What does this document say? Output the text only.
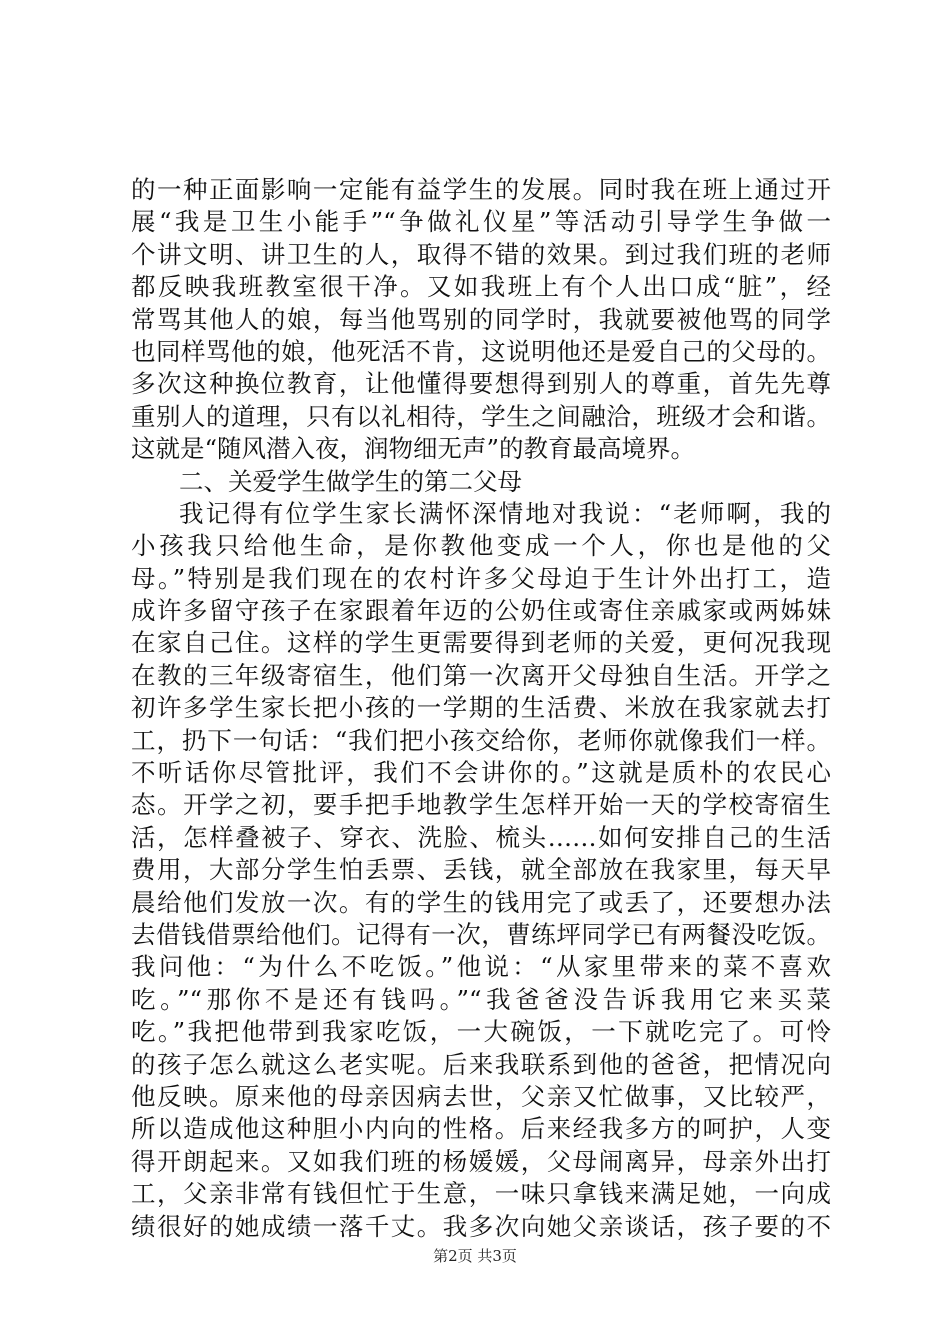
的一种正面影响一定能有益学生的发展。同时我在班上通过开
展“我是卫生小能手”“争做礼仪星”等活动引导学生争做一
个讲文明、讲卫生的人，取得不错的效果。到过我们班的老师
都反映我班教室很干净。又如我班上有个人出口成“脏”，经
常骂其他人的娘，每当他骂别的同学时，我就要被他骂的同学
也同样骂他的娘，他死活不肯，这说明他还是爱自己的父母的。
多次这种换位教育，让他懂得要想得到别人的尊重，首先先尊
重别人的道理，只有以礼相待，学生之间融洽，班级才会和谐。
这就是“随风潜入夜，润物细无声”的教育最高境界。
二、关爱学生做学生的第二父母
我记得有位学生家长满怀深情地对我说：“老师啊，我的
小孩我只给他生命，是你教他变成一个人，你也是他的父
母。”特别是我们现在的农村许多父母迫于生计外出打工，造
成许多留守孩子在家跟着年迈的公奶住或寄住亲戚家或两姊妹
在家自己住。这样的学生更需要得到老师的关爱，更何况我现
在教的三年级寄宿生，他们第一次离开父母独自生活。开学之
初许多学生家长把小孩的一学期的生活费、米放在我家就去打
工，扔下一句话：“我们把小孩交给你，老师你就像我们一样。
不听话你尽管批评，我们不会讲你的。”这就是质朴的农民心
态。开学之初，要手把手地教学生怎样开始一天的学校寄宿生
活，怎样叠被子、穿衣、洗脸、梳头……如何安排自己的生活
费用，大部分学生怕丢票、丢钱，就全部放在我家里，每天早
晨给他们发放一次。有的学生的钱用完了或丢了，还要想办法
去借钱借票给他们。记得有一次，曹练坪同学已有两餐没吃饭。
我问他：“为什么不吃饭。”他说：“从家里带来的菜不喜欢
吃。”“那你不是还有钱吗。”“我爸爸没告诉我用它来买菜
吃。”我把他带到我家吃饭，一大碗饭，一下就吃完了。可怜
的孩子怎么就这么老实呢。后来我联系到他的爸爸，把情况向
他反映。原来他的母亲因病去世，父亲又忙做事，又比较严，
所以造成他这种胆小内向的性格。后来经我多方的呵护，人变
得开朗起来。又如我们班的杨媛媛，父母闹离异，母亲外出打
工，父亲非常有钱但忙于生意，一味只拿钱来满足她，一向成
绩很好的她成绩一落千丈。我多次向她父亲谈话，孩子要的不
第2页 共3页
